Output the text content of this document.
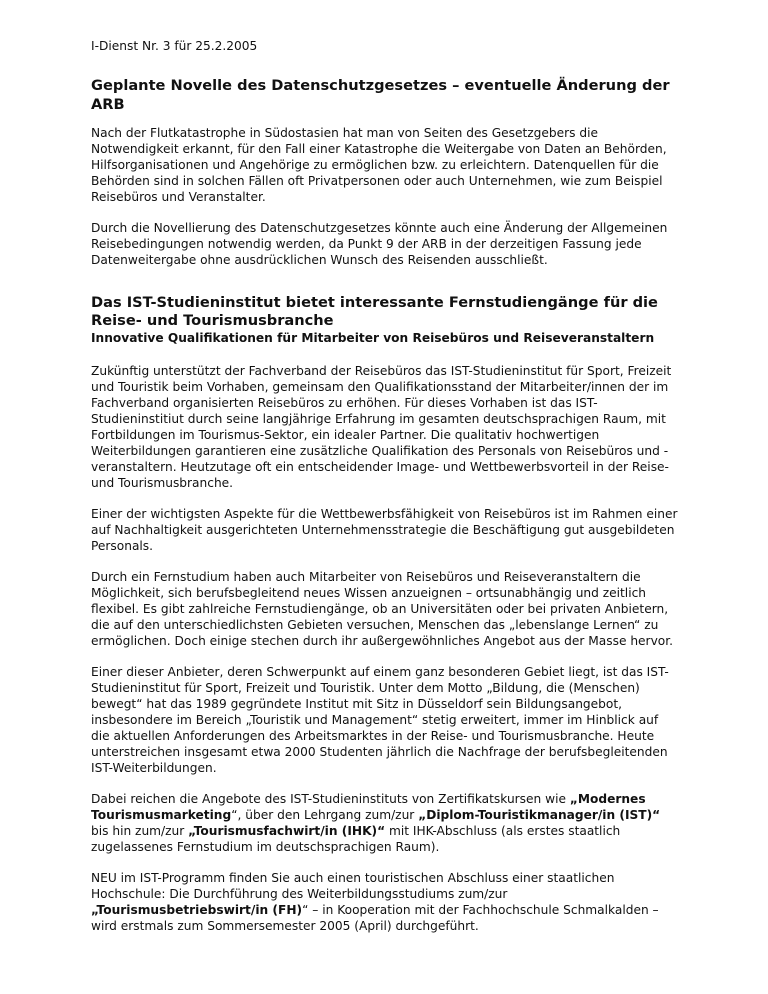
I-Dienst Nr. 3 für 25.2.2005
Geplante Novelle des Datenschutzgesetzes – eventuelle Änderung der ARB

Nach der Flutkatastrophe in Südostasien hat man von Seiten des Gesetzgebers die Notwendigkeit erkannt, für den Fall einer Katastrophe die Weitergabe von Daten an Behörden, Hilfsorganisationen und Angehörige zu ermöglichen bzw. zu erleichtern. Datenquellen für die Behörden sind in solchen Fällen oft Privatpersonen oder auch Unternehmen, wie zum Beispiel Reisebüros und Veranstalter.

Durch die Novellierung des Datenschutzgesetzes könnte auch eine Änderung der Allgemeinen Reisebedingungen notwendig werden, da Punkt 9 der ARB in der derzeitigen Fassung jede Datenweitergabe ohne ausdrücklichen Wunsch des Reisenden ausschließt.

Das IST-Studieninstitut bietet interessante Fernstudiengänge für die Reise- und Tourismusbranche
Innovative Qualifikationen für Mitarbeiter von Reisebüros und Reiseveranstaltern

Zukünftig unterstützt der Fachverband der Reisebüros das IST-Studieninstitut für Sport, Freizeit und Touristik beim Vorhaben, gemeinsam den Qualifikationsstand der Mitarbeiter/innen der im Fachverband organisierten Reisebüros zu erhöhen. Für dieses Vorhaben ist das IST-Studieninstitiut durch seine langjährige Erfahrung im gesamten deutschsprachigen Raum, mit Fortbildungen im Tourismus-Sektor, ein idealer Partner. Die qualitativ hochwertigen Weiterbildungen garantieren eine zusätzliche Qualifikation des Personals von Reisebüros und -veranstaltern. Heutzutage oft ein entscheidender Image- und Wettbewerbsvorteil in der Reise- und Tourismusbranche.

Einer der wichtigsten Aspekte für die Wettbewerbsfähigkeit von Reisebüros ist im Rahmen einer auf Nachhaltigkeit ausgerichteten Unternehmensstrategie die Beschäftigung gut ausgebildeten Personals.

Durch ein Fernstudium haben auch Mitarbeiter von Reisebüros und Reiseveranstaltern die Möglichkeit, sich berufsbegleitend neues Wissen anzueignen – ortsunabhängig und zeitlich flexibel. Es gibt zahlreiche Fernstudiengänge, ob an Universitäten oder bei privaten Anbietern, die auf den unterschiedlichsten Gebieten versuchen, Menschen das „lebenslange Lernen“ zu ermöglichen. Doch einige stechen durch ihr außergewöhnliches Angebot aus der Masse hervor.

Einer dieser Anbieter, deren Schwerpunkt auf einem ganz besonderen Gebiet liegt, ist das IST-Studieninstitut für Sport, Freizeit und Touristik. Unter dem Motto „Bildung, die (Menschen) bewegt“ hat das 1989 gegründete Institut mit Sitz in Düsseldorf sein Bildungsangebot, insbesondere im Bereich „Touristik und Management“ stetig erweitert, immer im Hinblick auf die aktuellen Anforderungen des Arbeitsmarktes in der Reise- und Tourismusbranche. Heute unterstreichen insgesamt etwa 2000 Studenten jährlich die Nachfrage der berufsbegleitenden IST-Weiterbildungen.

Dabei reichen die Angebote des IST-Studieninstituts von Zertifikatskursen wie „Modernes Tourismusmarketing“, über den Lehrgang zum/zur „Diplom-Touristikmanager/in (IST)“ bis hin zum/zur „Tourismusfachwirt/in (IHK)“ mit IHK-Abschluss (als erstes staatlich zugelassenes Fernstudium im deutschsprachigen Raum).

NEU im IST-Programm finden Sie auch einen touristischen Abschluss einer staatlichen Hochschule: Die Durchführung des Weiterbildungsstudiums zum/zur „Tourismusbetriebswirt/in (FH)“ – in Kooperation mit der Fachhochschule Schmalkalden – wird erstmals zum Sommersemester 2005 (April) durchgeführt.
